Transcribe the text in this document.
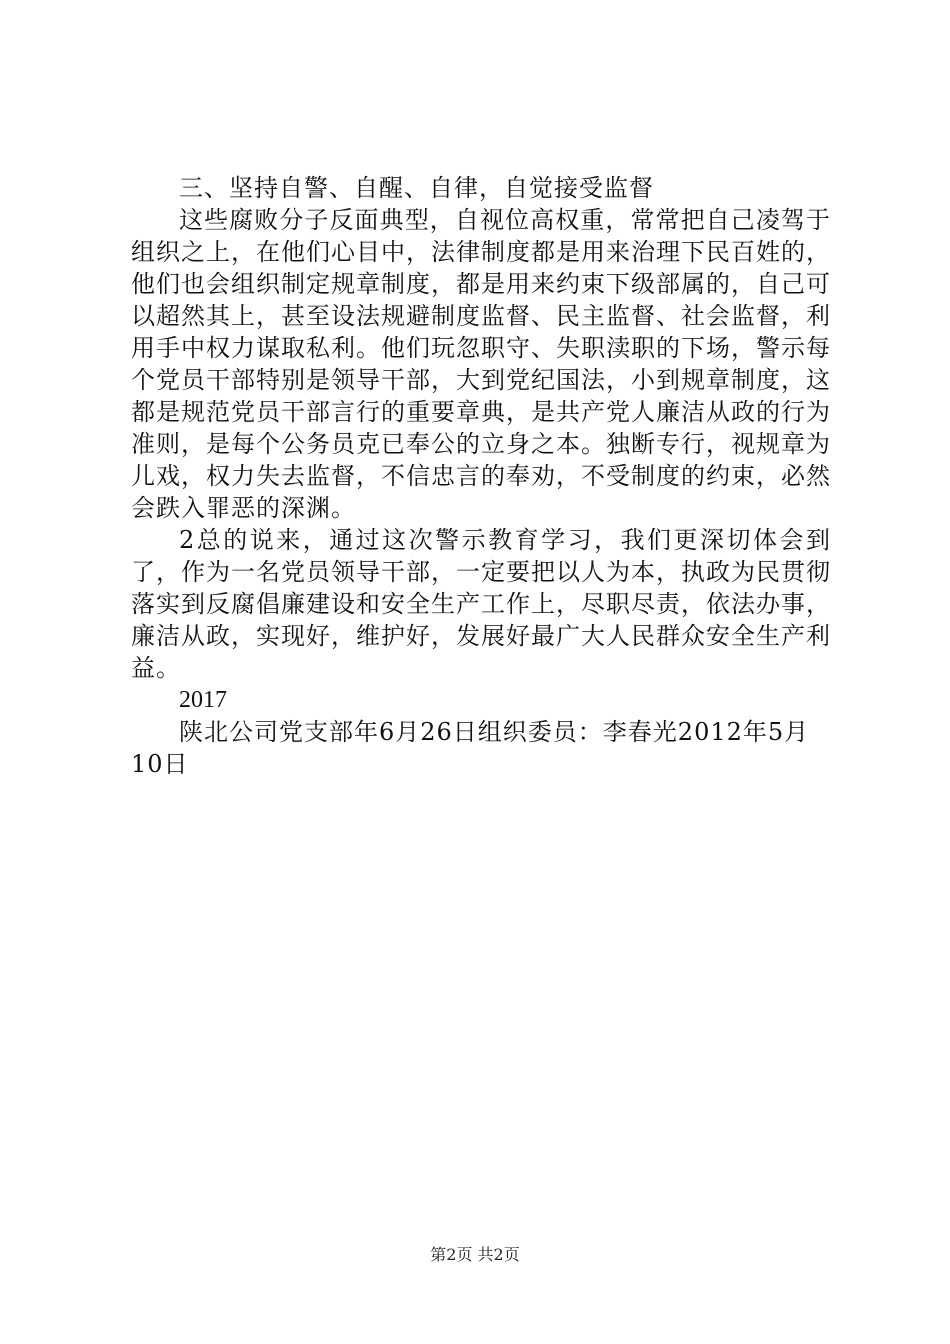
三、坚持自警、自醒、自律，自觉接受监督

这些腐败分子反面典型，自视位高权重，常常把自己凌驾于组织之上，在他们心目中，法律制度都是用来治理下民百姓的，他们也会组织制定规章制度，都是用来约束下级部属的，自己可以超然其上，甚至设法规避制度监督、民主监督、社会监督，利用手中权力谋取私利。他们玩忽职守、失职渎职的下场，警示每个党员干部特别是领导干部，大到党纪国法，小到规章制度，这都是规范党员干部言行的重要章典，是共产党人廉洁从政的行为准则，是每个公务员克已奉公的立身之本。独断专行，视规章为儿戏，权力失去监督，不信忠言的奉劝，不受制度的约束，必然会跌入罪恶的深渊。

2总的说来，通过这次警示教育学习，我们更深切体会到了，作为一名党员领导干部，一定要把以人为本，执政为民贯彻落实到反腐倡廉建设和安全生产工作上，尽职尽责，依法办事，廉洁从政，实现好，维护好，发展好最广大人民群众安全生产利益。

2017

陕北公司党支部年6月26日组织委员：李春光2012年5月10日

第2页 共2页
